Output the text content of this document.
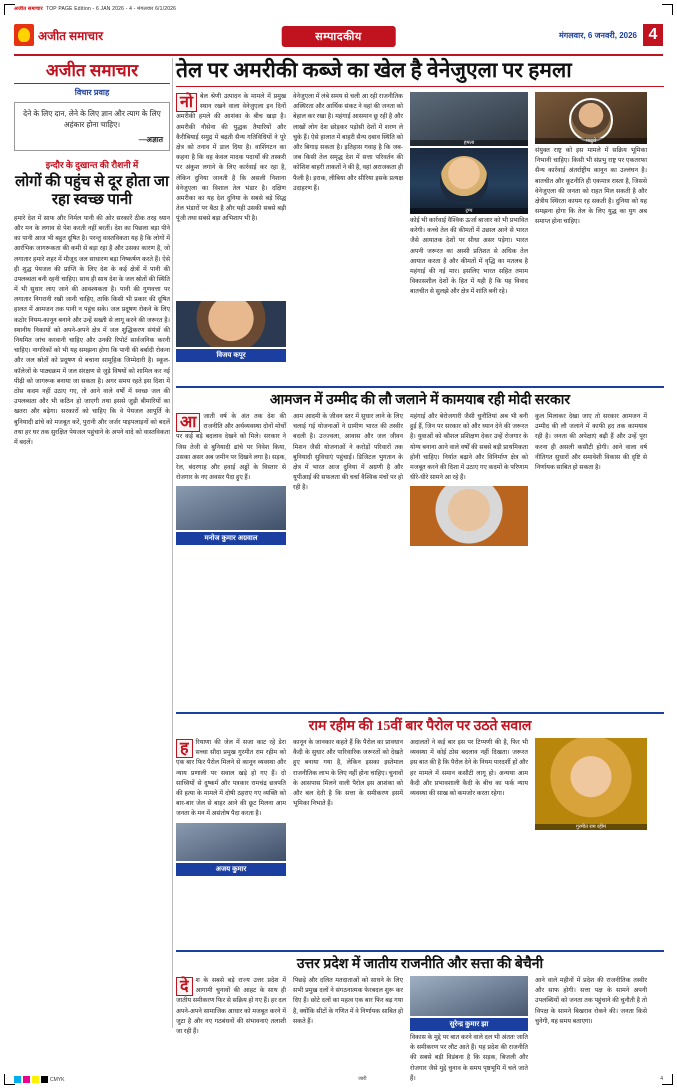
अजीत समाचार TOP PAGE Edition - 6 JAN 2026 - 4 - मंगलवार 6/1/2026
अजीत समाचार	सम्पादकीय	मंगलवार, 6 जनवरी, 2026 4
अजीत समाचार
विचार प्रवाह
देने के लिए दान, लेने के लिए ज्ञान और त्याग के लिए अहंकार होना चाहिए।
—अज्ञात
इन्दौर के दुखान्त की रौशनी में
लोगों की पहुंच से दूर होता जा रहा स्वच्छ पानी
हमारे देश में साफ और निर्मल पानी की ओर सरकारें ठीक तरह ध्यान और मन के लगाव से पेश करती नहीं बरतीं। देश का पिछला बड़ा पीने का पानी आज भी बहुत दूषित है। परन्तु वास्तविकता यह है कि लोगों में आरंभिक जागरूकता की कमी से बड़ा रहा है और उसका कारण है, जो लगातार हमारे शहर में मौजूद जल साधारण बड़ा निष्कर्षण करते हैं। ऐसे ही शुद्ध पेयजल की प्राप्ति के लिए देश के कई क्षेत्रों में पानी की उपलब्धता बनी रहनी चाहिए। साथ ही साथ देश के जल स्रोतों की स्थिति में भी सुधार लाए जाने की आवश्यकता है। पानी की गुणवत्ता पर लगातार निगरानी रखी जानी चाहिए, ताकि किसी भी प्रकार की दूषित हालत में आमजन तक पानी न पहुंच सके। जल प्रदूषण रोकने के लिए कठोर नियम-कानून बनाने और उन्हें सख्ती से लागू करने की जरूरत है। स्थानीय निकायों को अपने-अपने क्षेत्र में जल शुद्धिकरण संयंत्रों की नियमित जांच करवानी चाहिए और उनकी रिपोर्ट सार्वजनिक करनी चाहिए। नागरिकों को भी यह समझना होगा कि पानी की बर्बादी रोकना और जल स्रोतों को प्रदूषण से बचाना सामूहिक जिम्मेदारी है। स्कूल-कॉलेजों के पाठ्यक्रम में जल संरक्षण से जुड़े विषयों को शामिल कर नई पीढ़ी को जागरूक बनाया जा सकता है। अगर समय रहते इस दिशा में ठोस कदम नहीं उठाए गए, तो आने वाले वर्षों में स्वच्छ जल की उपलब्धता और भी कठिन हो जाएगी तथा इससे जुड़ी बीमारियों का खतरा और बढ़ेगा। सरकारों को चाहिए कि वे पेयजल आपूर्ति के बुनियादी ढांचे को मजबूत करें, पुरानी और जर्जर पाइपलाइनों को बदलें तथा हर घर तक सुरक्षित पेयजल पहुंचाने के अपने वादे को वास्तविकता में बदलें।
तेल पर अमरीकी कब्जे का खेल है वेनेजुएला पर हमला
नो	बेल श्रेणी उत्पादन के मामले में प्रमुख स्थान रखने वाला वेनेजुएला इन दिनों अमरीकी हमले की आशंका के बीच खड़ा है। अमरीकी नौसेना की युद्धक तैयारियों और कैरीबियाई समुद्र में बढ़ती सैन्य गतिविधियों ने पूरे क्षेत्र को तनाव में डाल दिया है। वाशिंगटन का कहना है कि वह केवल मादक पदार्थों की तस्करी पर अंकुश लगाने के लिए कार्रवाई कर रहा है, लेकिन दुनिया जानती है कि असली निशाना वेनेजुएला का विशाल तेल भंडार है। दक्षिण अमरीका का यह देश दुनिया के सबसे बड़े सिद्ध तेल भंडारों पर बैठा है और यही उसकी सबसे बड़ी पूंजी तथा सबसे बड़ा अभिशाप भी है।
वेनेजुएला में लंबे समय से चली आ रही राजनीतिक अस्थिरता और आर्थिक संकट ने वहां की जनता को बेहाल कर रखा है। महंगाई आसमान छू रही है और लाखों लोग देश छोड़कर पड़ोसी देशों में शरण ले चुके हैं। ऐसे हालात में बाहरी सैन्य दबाव स्थिति को और बिगाड़ सकता है। इतिहास गवाह है कि जब-जब किसी तेल समृद्ध देश में सत्ता परिवर्तन की कोशिश बाहरी ताकतों ने की है, वहां अराजकता ही फैली है। इराक, लीबिया और सीरिया इसके प्रत्यक्ष उदाहरण हैं।
हमला
ट्रम्प
कोई भी कार्रवाई वैश्विक ऊर्जा बाजार को भी प्रभावित करेगी। कच्चे तेल की कीमतों में उछाल आने से भारत जैसे आयातक देशों पर सीधा असर पड़ेगा। भारत अपनी जरूरत का अस्सी प्रतिशत से अधिक तेल आयात करता है और कीमतों में वृद्धि का मतलब है महंगाई की नई मार। इसलिए भारत सहित तमाम विकासशील देशों के हित में यही है कि यह विवाद बातचीत से सुलझे और क्षेत्र में शांति बनी रहे।
मादुरो
संयुक्त राष्ट्र को इस मामले में सक्रिय भूमिका निभानी चाहिए। किसी भी संप्रभु राष्ट्र पर एकतरफा सैन्य कार्रवाई अंतर्राष्ट्रीय कानून का उल्लंघन है। बातचीत और कूटनीति ही एकमात्र रास्ता है, जिससे वेनेजुएला की जनता को राहत मिल सकती है और क्षेत्रीय स्थिरता कायम रह सकती है। दुनिया को यह समझना होगा कि तेल के लिए युद्ध का युग अब समाप्त होना चाहिए।
विजय कपूर
आमजन में उम्मीद की लौ जलाने में कामयाब रही मोदी सरकार
आ	जाती वर्ष के अंत तक देश की राजनीति और अर्थव्यवस्था दोनों मोर्चों पर कई बड़े बदलाव देखने को मिले। सरकार ने जिस तेजी से बुनियादी ढांचे पर निवेश किया, उसका असर अब जमीन पर दिखने लगा है। सड़क, रेल, बंदरगाह और हवाई अड्डों के विस्तार से रोजगार के नए अवसर पैदा हुए हैं।
मनोज कुमार अग्रवाल
आम आदमी के जीवन स्तर में सुधार लाने के लिए चलाई गई योजनाओं ने ग्रामीण भारत की तस्वीर बदली है। उज्ज्वला, आवास और जल जीवन मिशन जैसी योजनाओं ने करोड़ों परिवारों तक बुनियादी सुविधाएं पहुंचाईं। डिजिटल भुगतान के क्षेत्र में भारत आज दुनिया में अग्रणी है और यूपीआई की सफलता की चर्चा वैश्विक मंचों पर हो रही है।
महंगाई और बेरोजगारी जैसी चुनौतियां अब भी बनी हुई हैं, जिन पर सरकार को और ध्यान देने की जरूरत है। युवाओं को कौशल प्रशिक्षण देकर उन्हें रोजगार के योग्य बनाना आने वाले वर्षों की सबसे बड़ी प्राथमिकता होनी चाहिए। निर्यात बढ़ाने और विनिर्माण क्षेत्र को मजबूत करने की दिशा में उठाए गए कदमों के परिणाम धीरे-धीरे सामने आ रहे हैं।
कुल मिलाकर देखा जाए तो सरकार आमजन में उम्मीद की लौ जलाने में काफी हद तक कामयाब रही है। जनता की अपेक्षाएं बढ़ी हैं और उन्हें पूरा करना ही असली कसौटी होगी। आने वाला वर्ष नीतिगत सुधारों और समावेशी विकास की दृष्टि से निर्णायक साबित हो सकता है।
राम रहीम की 15वीं बार पैरोल पर उठते सवाल
ह	रियाणा की जेल में सजा काट रहे डेरा सच्चा सौदा प्रमुख गुरमीत राम रहीम को एक बार फिर पैरोल मिलने से कानून व्यवस्था और न्याय प्रणाली पर सवाल खड़े हो गए हैं। दो साध्वियों से दुष्कर्म और पत्रकार रामचंद्र छत्रपति की हत्या के मामले में दोषी ठहराए गए व्यक्ति को बार-बार जेल से बाहर आने की छूट मिलना आम जनता के मन में असंतोष पैदा करता है।
अजय कुमार
कानून के जानकार कहते हैं कि पैरोल का प्रावधान कैदी के सुधार और पारिवारिक जरूरतों को देखते हुए बनाया गया है, लेकिन इसका इस्तेमाल राजनीतिक लाभ के लिए नहीं होना चाहिए। चुनावों के आसपास मिलने वाली पैरोल इस आशंका को और बल देती है कि सत्ता के समीकरण इसमें भूमिका निभाते हैं।
अदालतों ने कई बार इस पर टिप्पणी की है, फिर भी व्यवस्था में कोई ठोस बदलाव नहीं दिखता। जरूरत इस बात की है कि पैरोल देने के नियम पारदर्शी हों और हर मामले में समान कसौटी लागू हो। अन्यथा आम कैदी और प्रभावशाली कैदी के बीच का फर्क न्याय व्यवस्था की साख को कमजोर करता रहेगा।
गुरमीत राम रहीम
उत्तर प्रदेश में जातीय राजनीति और सत्ता की बेचैनी
दे	श के सबसे बड़े राज्य उत्तर प्रदेश में आगामी चुनावों की आहट के साथ ही जातीय समीकरण फिर से सक्रिय हो गए हैं। हर दल अपने-अपने सामाजिक आधार को मजबूत करने में जुटा है और नए गठबंधनों की संभावनाएं तलाशी जा रही हैं।
पिछड़े और दलित मतदाताओं को साधने के लिए सभी प्रमुख दलों ने संगठनात्मक फेरबदल शुरू कर दिए हैं। छोटे दलों का महत्व एक बार फिर बढ़ गया है, क्योंकि सीटों के गणित में वे निर्णायक साबित हो सकते हैं।	सुरेन्द्र कुमार झा
विकास के मुद्दे पर बात करने वाले दल भी अंततः जाति के समीकरण पर लौट आते हैं। यह प्रदेश की राजनीति की सबसे बड़ी विडंबना है कि सड़क, बिजली और रोजगार जैसे मुद्दे चुनाव के समय पृष्ठभूमि में चले जाते हैं।
आने वाले महीनों में प्रदेश की राजनीतिक तस्वीर और साफ होगी। सत्ता पक्ष के सामने अपनी उपलब्धियों को जनता तक पहुंचाने की चुनौती है तो विपक्ष के सामने बिखराव रोकने की। जनता किसे चुनेगी, यह समय बताएगा।
CMYK	जारी	4
